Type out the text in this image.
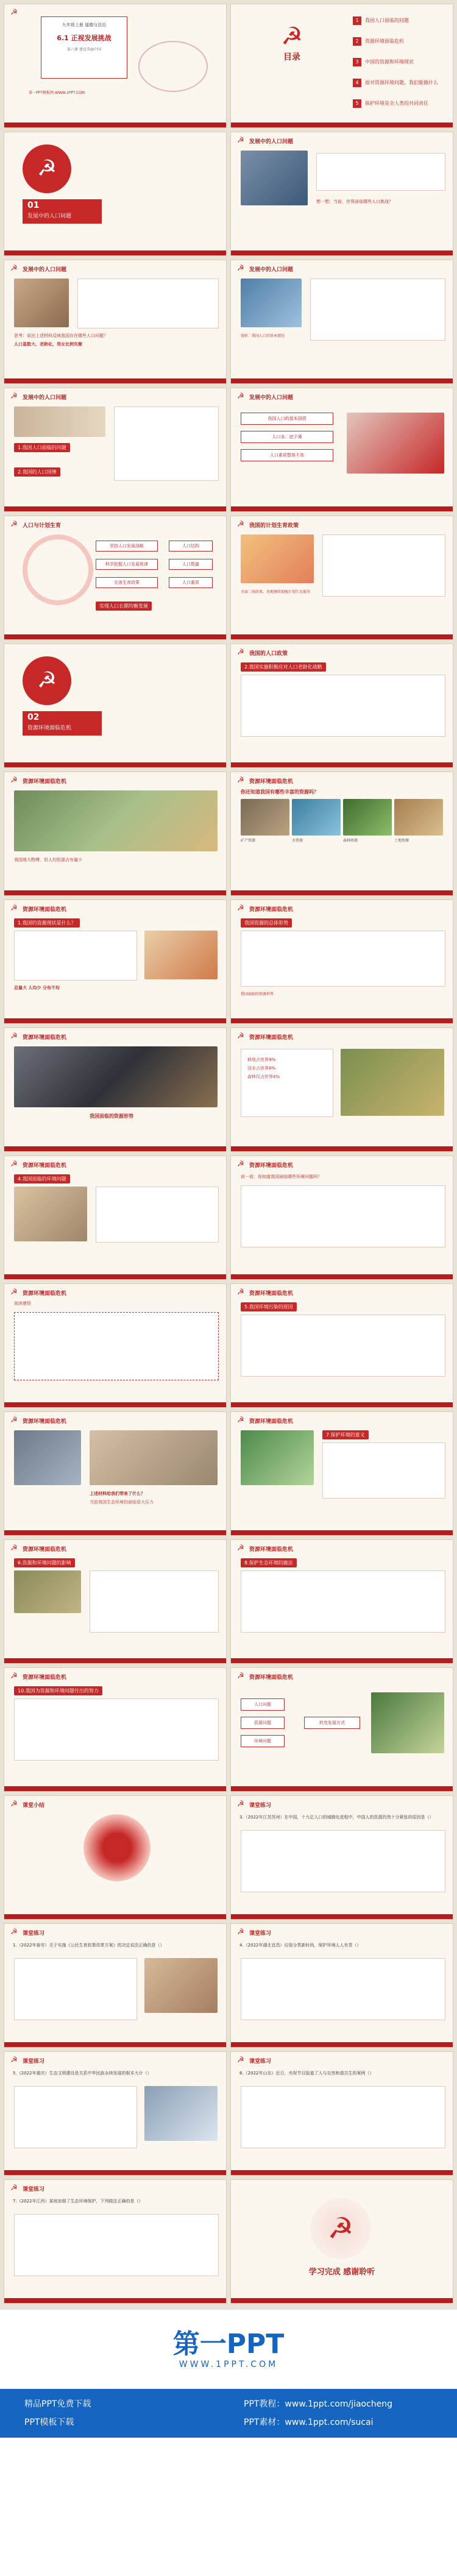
☭
九年级上册 道德与法治
6.1 正视发展挑战
第六课 建设美丽中国
第一PPT模板网-WWW.1PPT.COM
☭
目录
1 我国人口面临的问题
2 资源环境面临危机
3 中国的资源和环境现状
4 面对资源环境问题，我们能做什么
5 保护环境是全人类的共同责任
☭
01
发展中的人口问题
☭ 发展中的人口问题
想一想：当前，世界面临哪些人口挑战？
☭ 发展中的人口问题
思考：说出上述材料反映我国存在哪些人口问题？
人口基数大、老龄化、男女比例失衡
☭ 发展中的人口问题
资料：我国人口的基本情况
☭ 发展中的人口问题
1.我国人口面临的问题
2.我国的人口国情
☭ 发展中的人口问题
我国人口的基本国情
人口多、底子薄
人口素质整体不高
☭ 人口与计划生育
坚持人口发展战略
科学把握人口发展规律
完善生育政策
人口结构
人口数量
人口素质
实现人口长期均衡发展
☭ 我国的计划生育政策
全面二孩政策，各地继续加强计划生育服务
☭
02
资源环境面临危机
☭ 我国的人口政策
2.我国实施积极应对人口老龄化战略
☭ 资源环境面临危机
我国地大物博，但人均资源占有量少
☭ 资源环境面临危机
你还知道我国有哪些丰富的资源吗？
矿产资源	水资源	森林资源	土地资源
☭ 资源环境面临危机
1.我国的资源现状是什么？
总量大 人均少 分布不均
☭ 资源环境面临危机
我国资源的总体形势
我国面临的资源形势
☭ 资源环境面临危机
我国面临的资源形势
☭ 资源环境面临危机
耕地占世界9%
淡水占世界6%
森林仅占世界4%
☭ 资源环境面临危机
4.我国面临的环境问题
☭ 资源环境面临危机
说一说：你知道我国面临哪些环境问题吗？
☭ 资源环境面临危机
阅读感悟
☭ 资源环境面临危机
5.我国环境污染的原因
☭ 资源环境面临危机
上述材料给我们带来了什么？
当前我国生态环境仍面临很大压力
☭ 资源环境面临危机
7.保护环境的意义
☭ 资源环境面临危机
6.资源和环境问题的影响
☭ 资源环境面临危机
8.保护生态环境的做法
☭ 资源环境面临危机
10.我国为资源和环境问题付出的努力
☭ 资源环境面临危机
人口问题
资源问题
环境问题
转变发展方式
☭ 课堂小结	☭ 课堂练习
3.（2022年江苏苏州）在中国，十九亿人口的城镇化进程中，中国人的资源仍然十分紧张的原因是（）
☭ 课堂练习
1.（2022年泰安）关于实施《公民生育政策改革方案》的决定说法正确的是（）
☭ 课堂练习
4.（2022年湖北宜昌）垃圾分类新时尚，保护环境人人有责（）
☭ 课堂练习
5.（2022年重庆）生态文明建设是关系中华民族永续发展的根本大计（）
☭ 课堂练习
6.（2022年山东）近日，央视节目报道了人与自然和谐共生的案例（）
☭ 课堂练习
7.（2022年江西）某地加强了生态环境保护，下列做法正确的是（）
☭
学习完成 感谢聆听
第一PPT
WWW.1PPT.COM
精品PPT免费下载
PPT模板下载
PPT教程：www.1ppt.com/jiaocheng
PPT素材：www.1ppt.com/sucai
